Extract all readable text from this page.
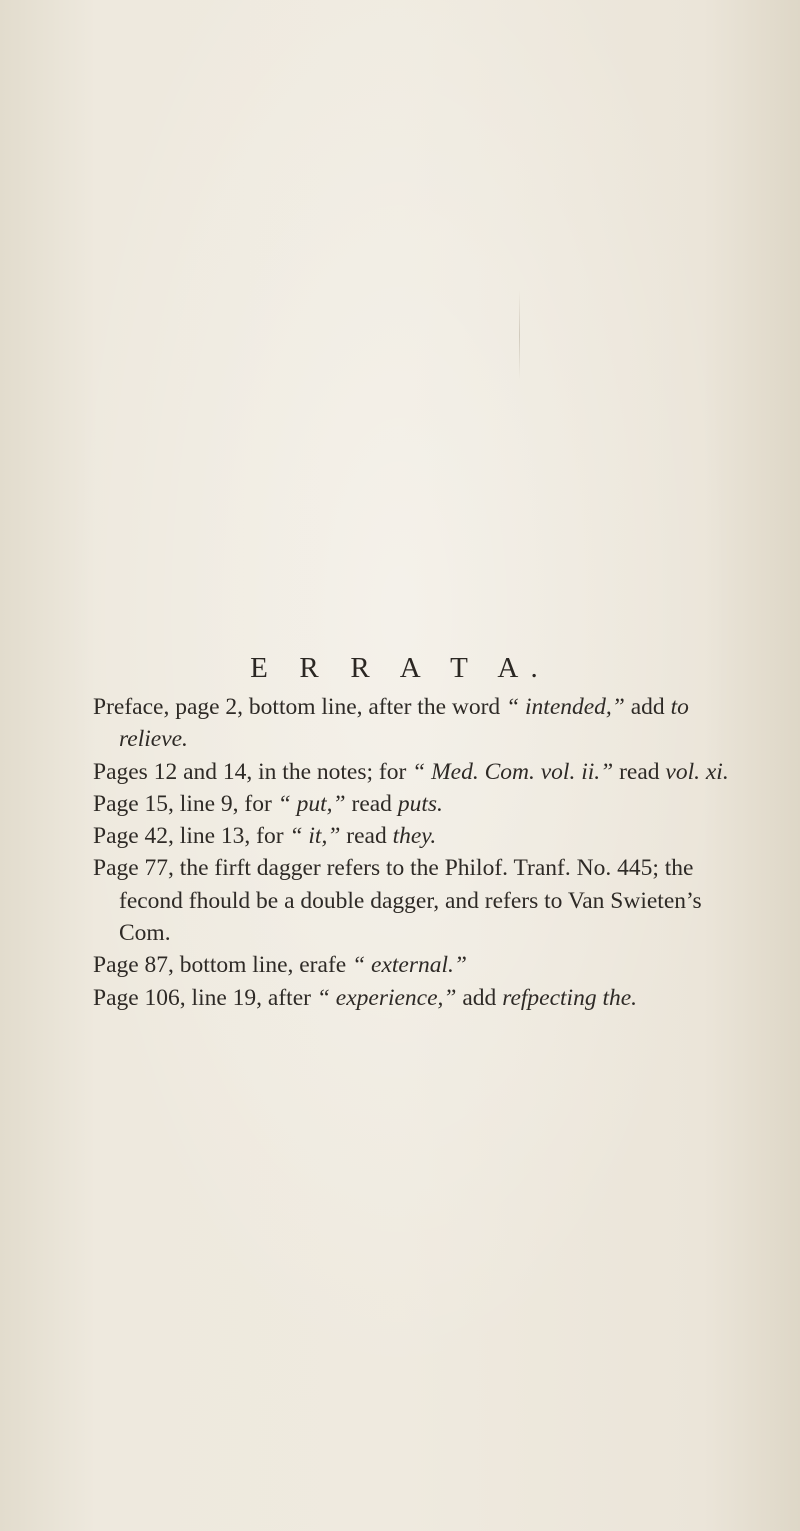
E R R A T A.

Preface, page 2, bottom line, after the word “ intended,” add to relieve.

Pages 12 and 14, in the notes; for “ Med. Com. vol. ii.” read vol. xi.

Page 15, line 9, for “ put,” read puts.

Page 42, line 13, for “ it,” read they.

Page 77, the firft dagger refers to the Philof. Tranf. No. 445; the fecond fhould be a double dagger, and refers to Van Swieten’s Com.

Page 87, bottom line, erafe “ external.”

Page 106, line 19, after “ experience,” add refpecting the.
